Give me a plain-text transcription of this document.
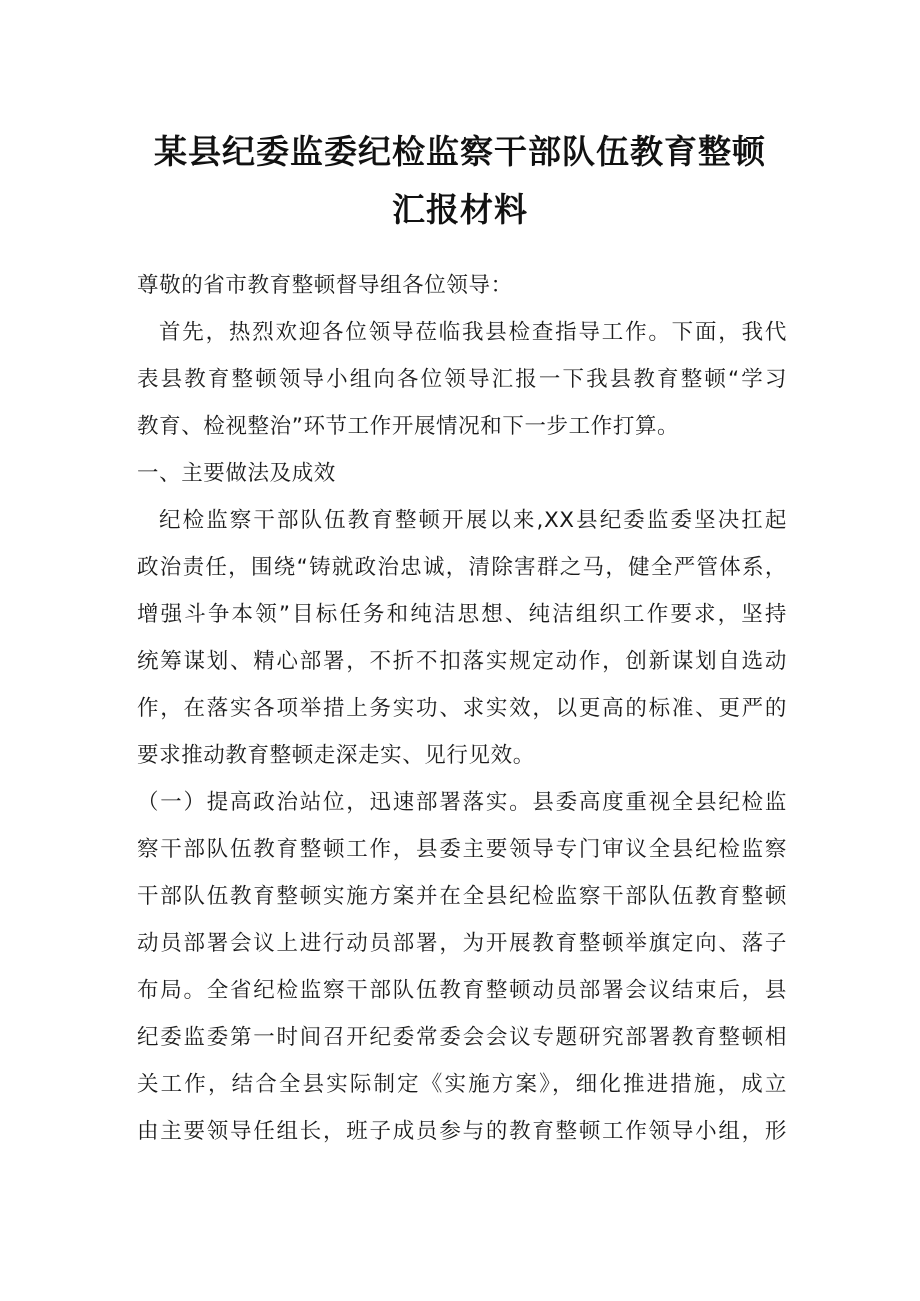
某县纪委监委纪检监察干部队伍教育整顿
汇报材料
尊敬的省市教育整顿督导组各位领导：
首先，热烈欢迎各位领导莅临我县检查指导工作。下面，我代
表县教育整顿领导小组向各位领导汇报一下我县教育整顿“学习
教育、检视整治”环节工作开展情况和下一步工作打算。
一、主要做法及成效
纪检监察干部队伍教育整顿开展以来,XX县纪委监委坚决扛起
政治责任，围绕“铸就政治忠诚，清除害群之马，健全严管体系，
增强斗争本领”目标任务和纯洁思想、纯洁组织工作要求，坚持
统筹谋划、精心部署，不折不扣落实规定动作，创新谋划自选动
作，在落实各项举措上务实功、求实效，以更高的标准、更严的
要求推动教育整顿走深走实、见行见效。
（一）提高政治站位，迅速部署落实。县委高度重视全县纪检监
察干部队伍教育整顿工作，县委主要领导专门审议全县纪检监察
干部队伍教育整顿实施方案并在全县纪检监察干部队伍教育整顿
动员部署会议上进行动员部署，为开展教育整顿举旗定向、落子
布局。全省纪检监察干部队伍教育整顿动员部署会议结束后，县
纪委监委第一时间召开纪委常委会会议专题研究部署教育整顿相
关工作，结合全县实际制定《实施方案》，细化推进措施，成立
由主要领导任组长，班子成员参与的教育整顿工作领导小组，形
